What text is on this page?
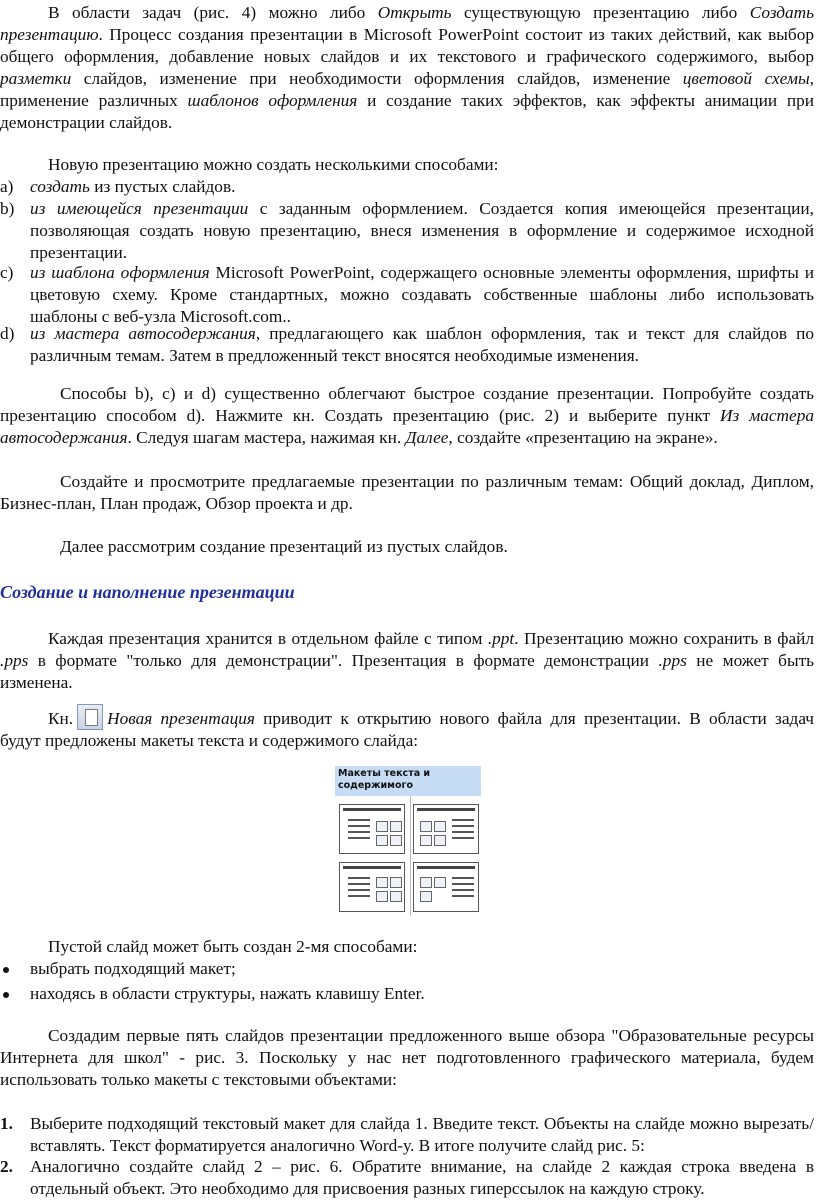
В области задач (рис. 4) можно либо Открыть существующую презентацию либо Создать презентацию. Процесс создания презентации в Microsoft PowerPoint состоит из таких действий, как выбор общего оформления, добавление новых слайдов и их текстового и графического содержимого, выбор разметки слайдов, изменение при необходимости оформления слайдов, изменение цветовой схемы, применение различных шаблонов оформления и создание таких эффектов, как эффекты анимации при демонстрации слайдов.

Новую презентацию можно создать несколькими способами:

a) создать из пустых слайдов.

b) из имеющейся презентации с заданным оформлением. Создается копия имеющейся презентации, позволяющая создать новую презентацию, внеся изменения в оформление и содержимое исходной презентации.

c) из шаблона оформления Microsoft PowerPoint, содержащего основные элементы оформления, шрифты и цветовую схему. Кроме стандартных, можно создавать собственные шаблоны либо использовать шаблоны с веб-узла Microsoft.com..

d) из мастера автосодержания, предлагающего как шаблон оформления, так и текст для слайдов по различным темам. Затем в предложенный текст вносятся необходимые изменения.

Способы b), c) и d) существенно облегчают быстрое создание презентации. Попробуйте создать презентацию способом d). Нажмите кн. Создать презентацию (рис. 2) и выберите пункт Из мастера автосодержания. Следуя шагам мастера, нажимая кн. Далее, создайте «презентацию на экране».

Создайте и просмотрите предлагаемые презентации по различным темам: Общий доклад, Диплом, Бизнес-план, План продаж, Обзор проекта и др.

Далее рассмотрим создание презентаций из пустых слайдов.

Создание и наполнение презентации

Каждая презентация хранится в отдельном файле с типом .ppt. Презентацию можно сохранить в файл .pps в формате "только для демонстрации". Презентация в формате демонстрации .pps не может быть изменена.

Кн. Новая презентация приводит к открытию нового файла для презентации. В области задач будут предложены макеты текста и содержимого слайда:

Макеты текста и содержимого

Пустой слайд может быть создан 2-мя способами:

выбрать подходящий макет;

находясь в области структуры, нажать клавишу Enter.

Создадим первые пять слайдов презентации предложенного выше обзора "Образовательные ресурсы Интернета для школ" - рис. 3. Поскольку у нас нет подготовленного графического материала, будем использовать только макеты с текстовыми объектами:

1. Выберите подходящий текстовый макет для слайда 1. Введите текст. Объекты на слайде можно вырезать/вставлять. Текст форматируется аналогично Word-у. В итоге получите слайд рис. 5:

2. Аналогично создайте слайд 2 – рис. 6. Обратите внимание, на слайде 2 каждая строка введена в отдельный объект. Это необходимо для присвоения разных гиперссылок на каждую строку.
